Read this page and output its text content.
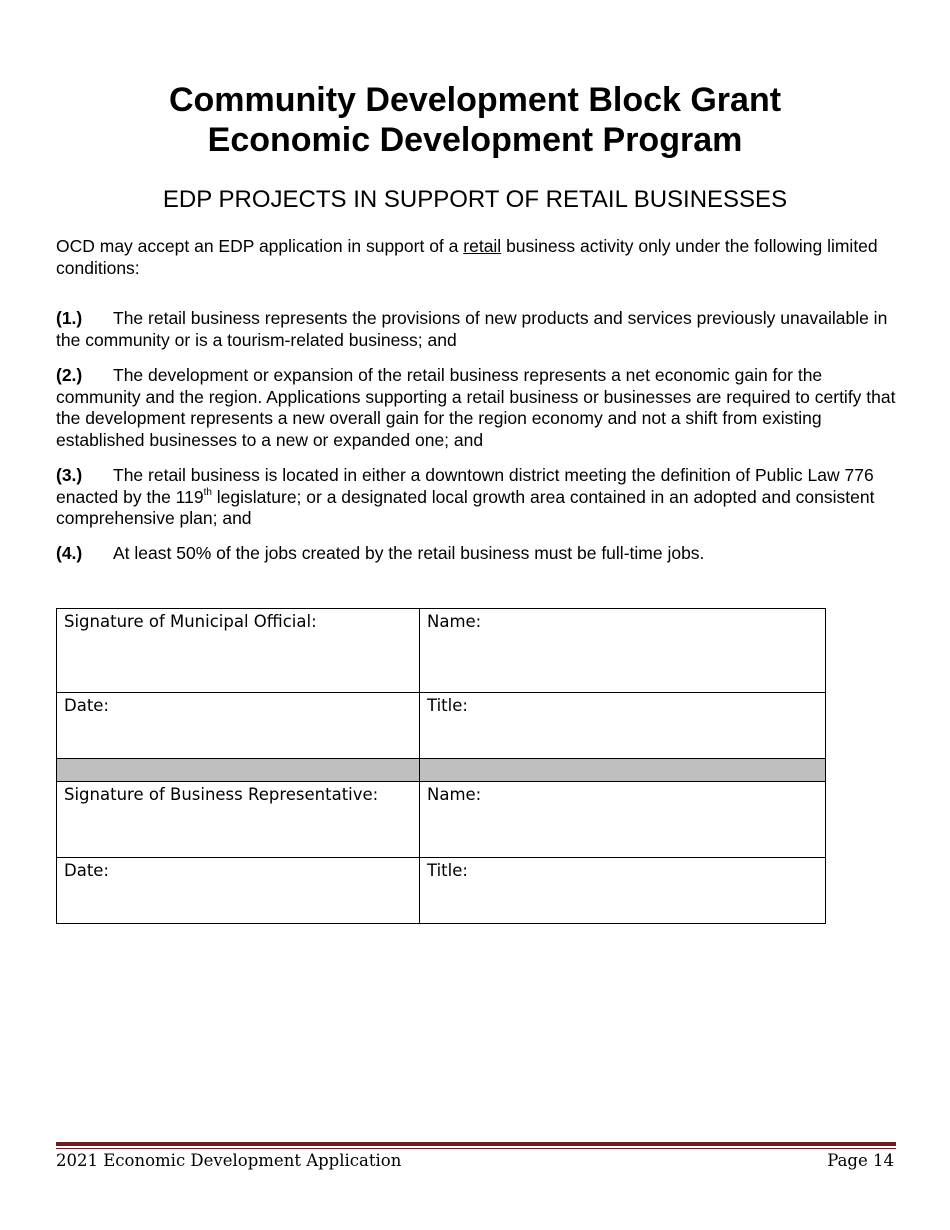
Community Development Block Grant
Economic Development Program
EDP PROJECTS IN SUPPORT OF RETAIL BUSINESSES
OCD may accept an EDP application in support of a retail business activity only under the following limited conditions:
(1.) The retail business represents the provisions of new products and services previously unavailable in the community or is a tourism-related business; and
(2.) The development or expansion of the retail business represents a net economic gain for the community and the region. Applications supporting a retail business or businesses are required to certify that the development represents a new overall gain for the region economy and not a shift from existing established businesses to a new or expanded one; and
(3.) The retail business is located in either a downtown district meeting the definition of Public Law 776 enacted by the 119th legislature; or a designated local growth area contained in an adopted and consistent comprehensive plan; and
(4.) At least 50% of the jobs created by the retail business must be full-time jobs.
Signature of Municipal Official:	Name:
Date:	Title:

Signature of Business Representative:	Name:
Date:	Title:
2021 Economic Development Application	Page 14
